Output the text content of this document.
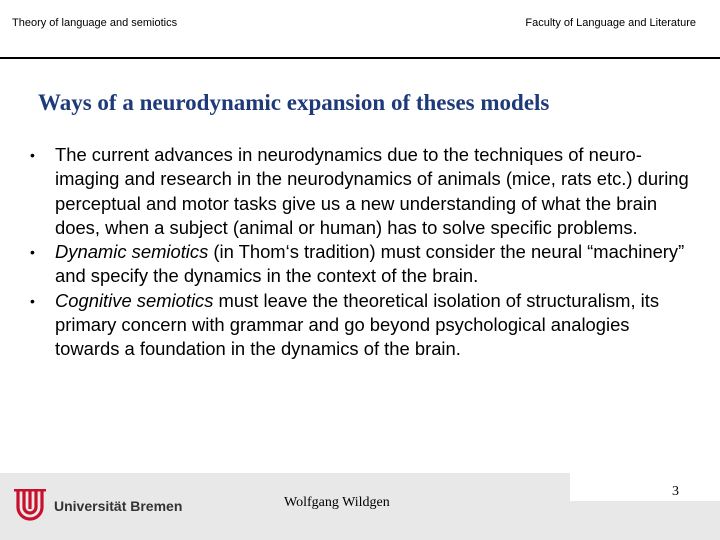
Theory of language and semiotics	Faculty of Language and Literature
Ways of a neurodynamic expansion of theses models
• The current advances in neurodynamics due to the techniques of neuro-imaging and research in the neurodynamics of animals (mice, rats etc.) during perceptual and motor tasks give us a new understanding of what the brain does, when a subject (animal or human) has to solve specific problems.
• Dynamic semiotics (in Thom‘s tradition) must consider the neural “machinery” and specify the dynamics in the context of the brain.
• Cognitive semiotics must leave the theoretical isolation of structuralism, its primary concern with grammar and go beyond psychological analogies towards a foundation in the dynamics of the brain.
Universität Bremen	Wolfgang Wildgen
3
